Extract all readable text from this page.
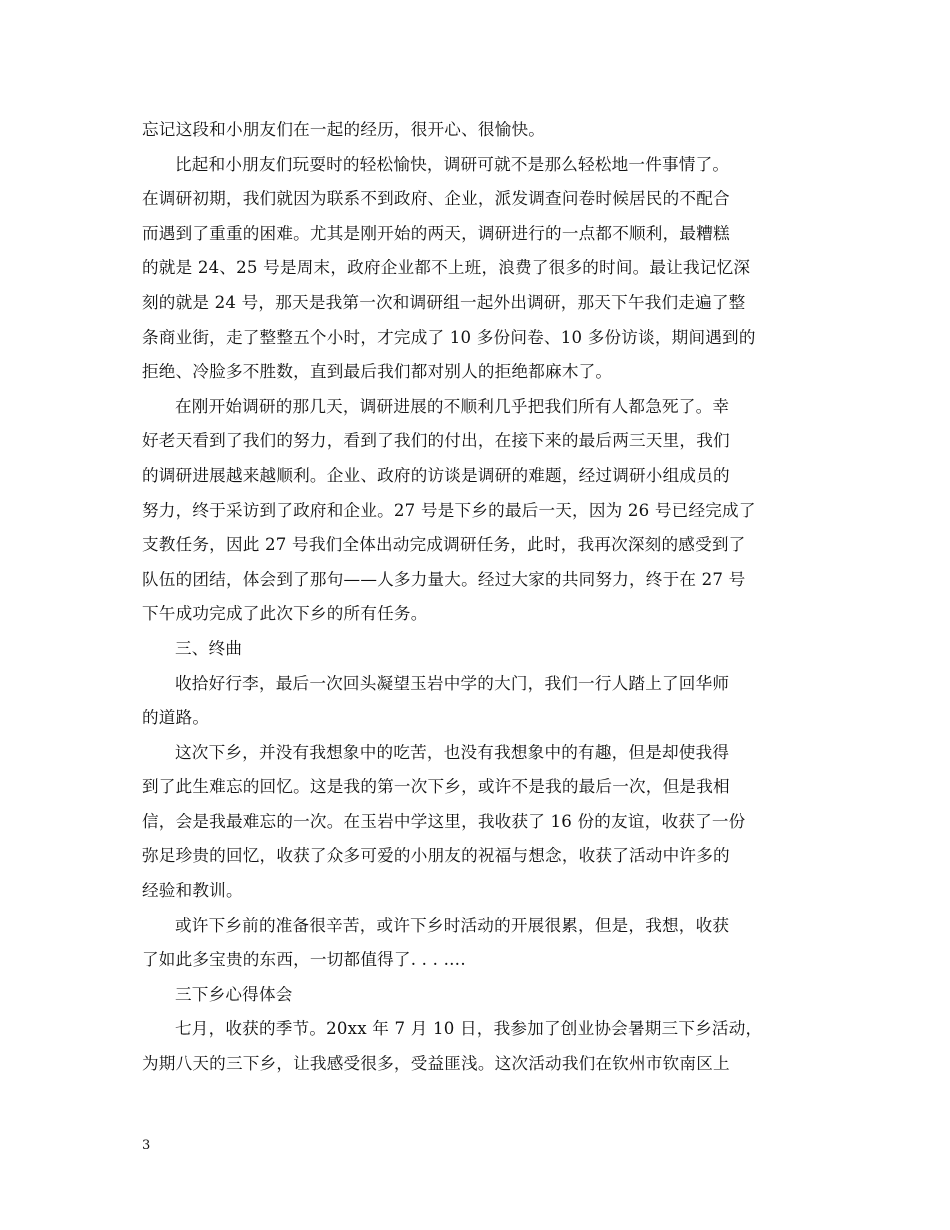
忘记这段和小朋友们在一起的经历，很开心、很愉快。
比起和小朋友们玩耍时的轻松愉快，调研可就不是那么轻松地一件事情了。
在调研初期，我们就因为联系不到政府、企业，派发调查问卷时候居民的不配合
而遇到了重重的困难。尤其是刚开始的两天，调研进行的一点都不顺利，最糟糕
的就是 24、25 号是周末，政府企业都不上班，浪费了很多的时间。最让我记忆深
刻的就是 24 号，那天是我第一次和调研组一起外出调研，那天下午我们走遍了整
条商业街，走了整整五个小时，才完成了 10 多份问卷、10 多份访谈，期间遇到的
拒绝、冷脸多不胜数，直到最后我们都对别人的拒绝都麻木了。
在刚开始调研的那几天，调研进展的不顺利几乎把我们所有人都急死了。幸
好老天看到了我们的努力，看到了我们的付出，在接下来的最后两三天里，我们
的调研进展越来越顺利。企业、政府的访谈是调研的难题，经过调研小组成员的
努力，终于采访到了政府和企业。27 号是下乡的最后一天，因为 26 号已经完成了
支教任务，因此 27 号我们全体出动完成调研任务，此时，我再次深刻的感受到了
队伍的团结，体会到了那句——人多力量大。经过大家的共同努力，终于在 27 号
下午成功完成了此次下乡的所有任务。
三、终曲
收拾好行李，最后一次回头凝望玉岩中学的大门，我们一行人踏上了回华师
的道路。
这次下乡，并没有我想象中的吃苦，也没有我想象中的有趣，但是却使我得
到了此生难忘的回忆。这是我的第一次下乡，或许不是我的最后一次，但是我相
信，会是我最难忘的一次。在玉岩中学这里，我收获了 16 份的友谊，收获了一份
弥足珍贵的回忆，收获了众多可爱的小朋友的祝福与想念，收获了活动中许多的
经验和教训。
或许下乡前的准备很辛苦，或许下乡时活动的开展很累，但是，我想，收获
了如此多宝贵的东西，一切都值得了. . . ….
三下乡心得体会
七月，收获的季节。20xx 年 7 月 10 日，我参加了创业协会暑期三下乡活动，
为期八天的三下乡，让我感受很多，受益匪浅。这次活动我们在钦州市钦南区上
3
